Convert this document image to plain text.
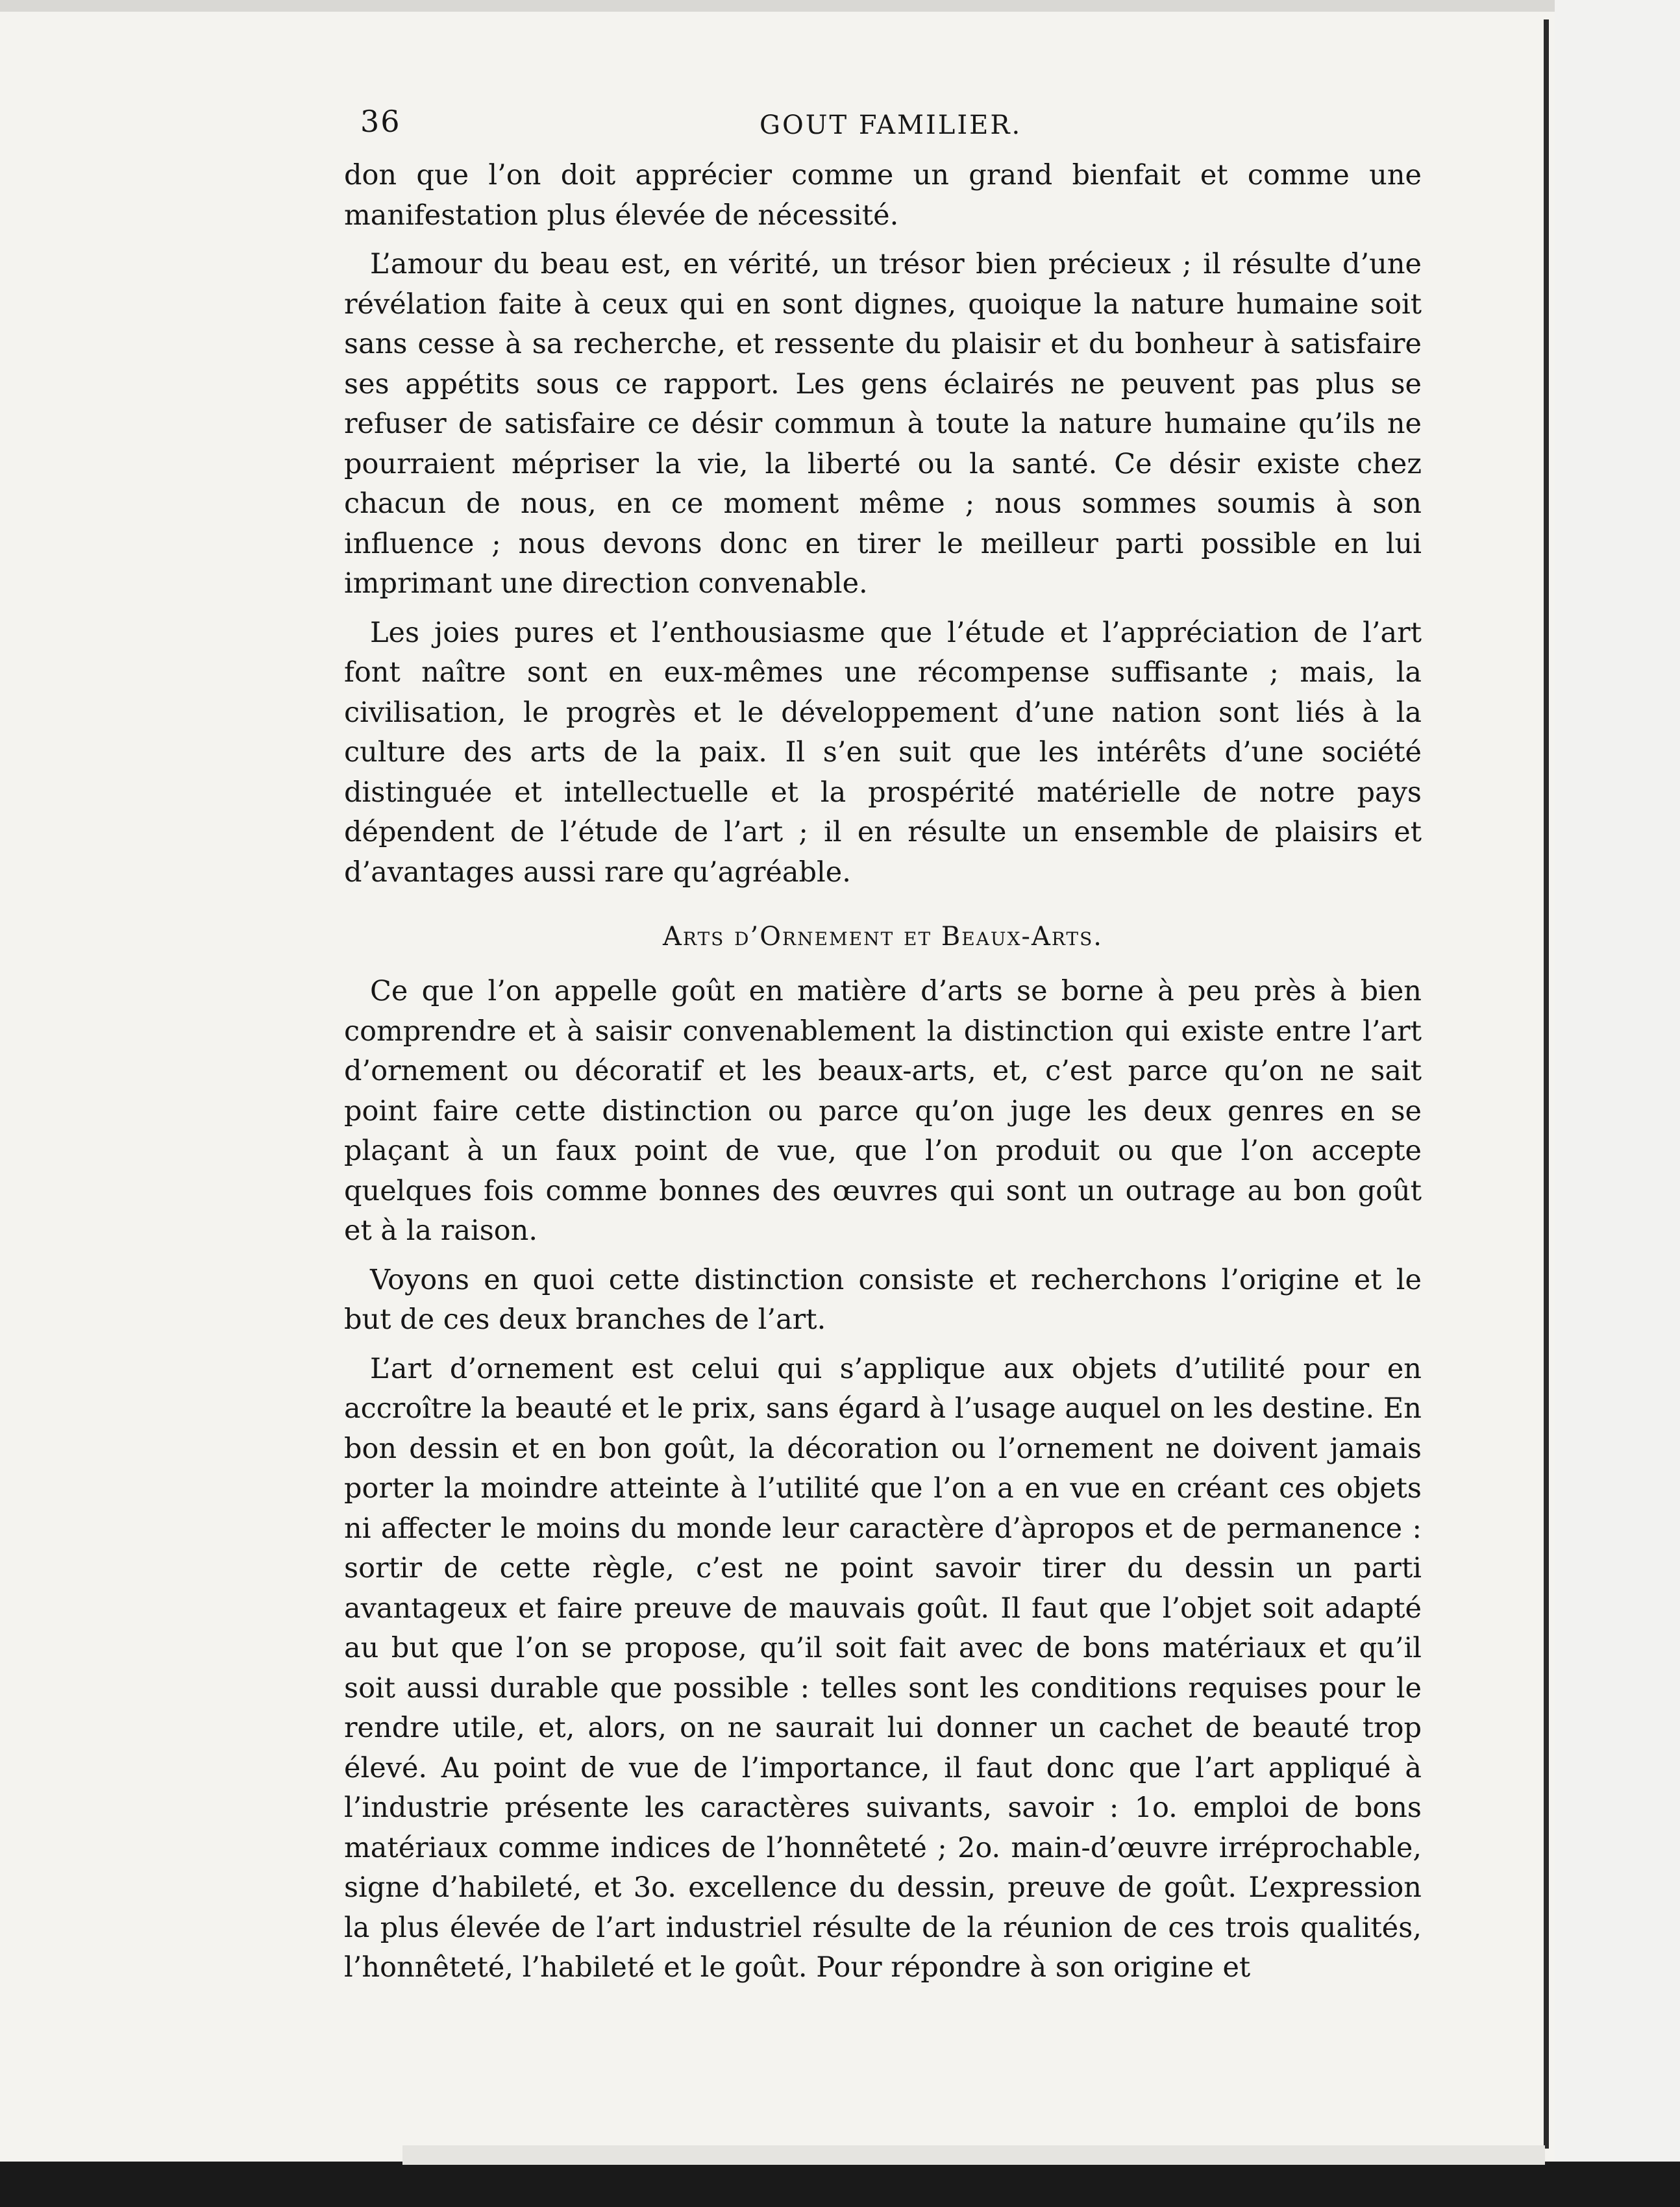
36	GOUT FAMILIER.

don que l’on doit apprécier comme un grand bienfait et comme une manifestation plus élevée de nécessité.

L’amour du beau est, en vérité, un trésor bien précieux ; il résulte d’une révélation faite à ceux qui en sont dignes, quoique la nature humaine soit sans cesse à sa recherche, et ressente du plaisir et du bonheur à satisfaire ses appétits sous ce rapport. Les gens éclairés ne peuvent pas plus se refuser de satisfaire ce désir commun à toute la nature humaine qu’ils ne pourraient mépriser la vie, la liberté ou la santé. Ce désir existe chez chacun de nous, en ce moment même ; nous sommes soumis à son influence ; nous devons donc en tirer le meilleur parti possible en lui imprimant une direction convenable.

Les joies pures et l’enthousiasme que l’étude et l’appréciation de l’art font naître sont en eux-mêmes une récompense suffisante ; mais, la civilisation, le progrès et le développement d’une nation sont liés à la culture des arts de la paix. Il s’en suit que les intérêts d’une société distinguée et intellectuelle et la prospérité matérielle de notre pays dépendent de l’étude de l’art ; il en résulte un ensemble de plaisirs et d’avantages aussi rare qu’agréable.

Arts d’Ornement et Beaux-Arts.

Ce que l’on appelle goût en matière d’arts se borne à peu près à bien comprendre et à saisir convenablement la distinction qui existe entre l’art d’ornement ou décoratif et les beaux-arts, et, c’est parce qu’on ne sait point faire cette distinction ou parce qu’on juge les deux genres en se plaçant à un faux point de vue, que l’on produit ou que l’on accepte quelques fois comme bonnes des œuvres qui sont un outrage au bon goût et à la raison.

Voyons en quoi cette distinction consiste et recherchons l’origine et le but de ces deux branches de l’art.

L’art d’ornement est celui qui s’applique aux objets d’utilité pour en accroître la beauté et le prix, sans égard à l’usage auquel on les destine. En bon dessin et en bon goût, la décoration ou l’ornement ne doivent jamais porter la moindre atteinte à l’utilité que l’on a en vue en créant ces objets ni affecter le moins du monde leur caractère d’àpropos et de permanence : sortir de cette règle, c’est ne point savoir tirer du dessin un parti avantageux et faire preuve de mauvais goût. Il faut que l’objet soit adapté au but que l’on se propose, qu’il soit fait avec de bons matériaux et qu’il soit aussi durable que possible : telles sont les conditions requises pour le rendre utile, et, alors, on ne saurait lui donner un cachet de beauté trop élevé. Au point de vue de l’importance, il faut donc que l’art appliqué à l’industrie présente les caractères suivants, savoir : 1o. emploi de bons matériaux comme indices de l’honnêteté ; 2o. main-d’œuvre irréprochable, signe d’habileté, et 3o. excellence du dessin, preuve de goût. L’expression la plus élevée de l’art industriel résulte de la réunion de ces trois qualités, l’honnêteté, l’habileté et le goût. Pour répondre à son origine et
